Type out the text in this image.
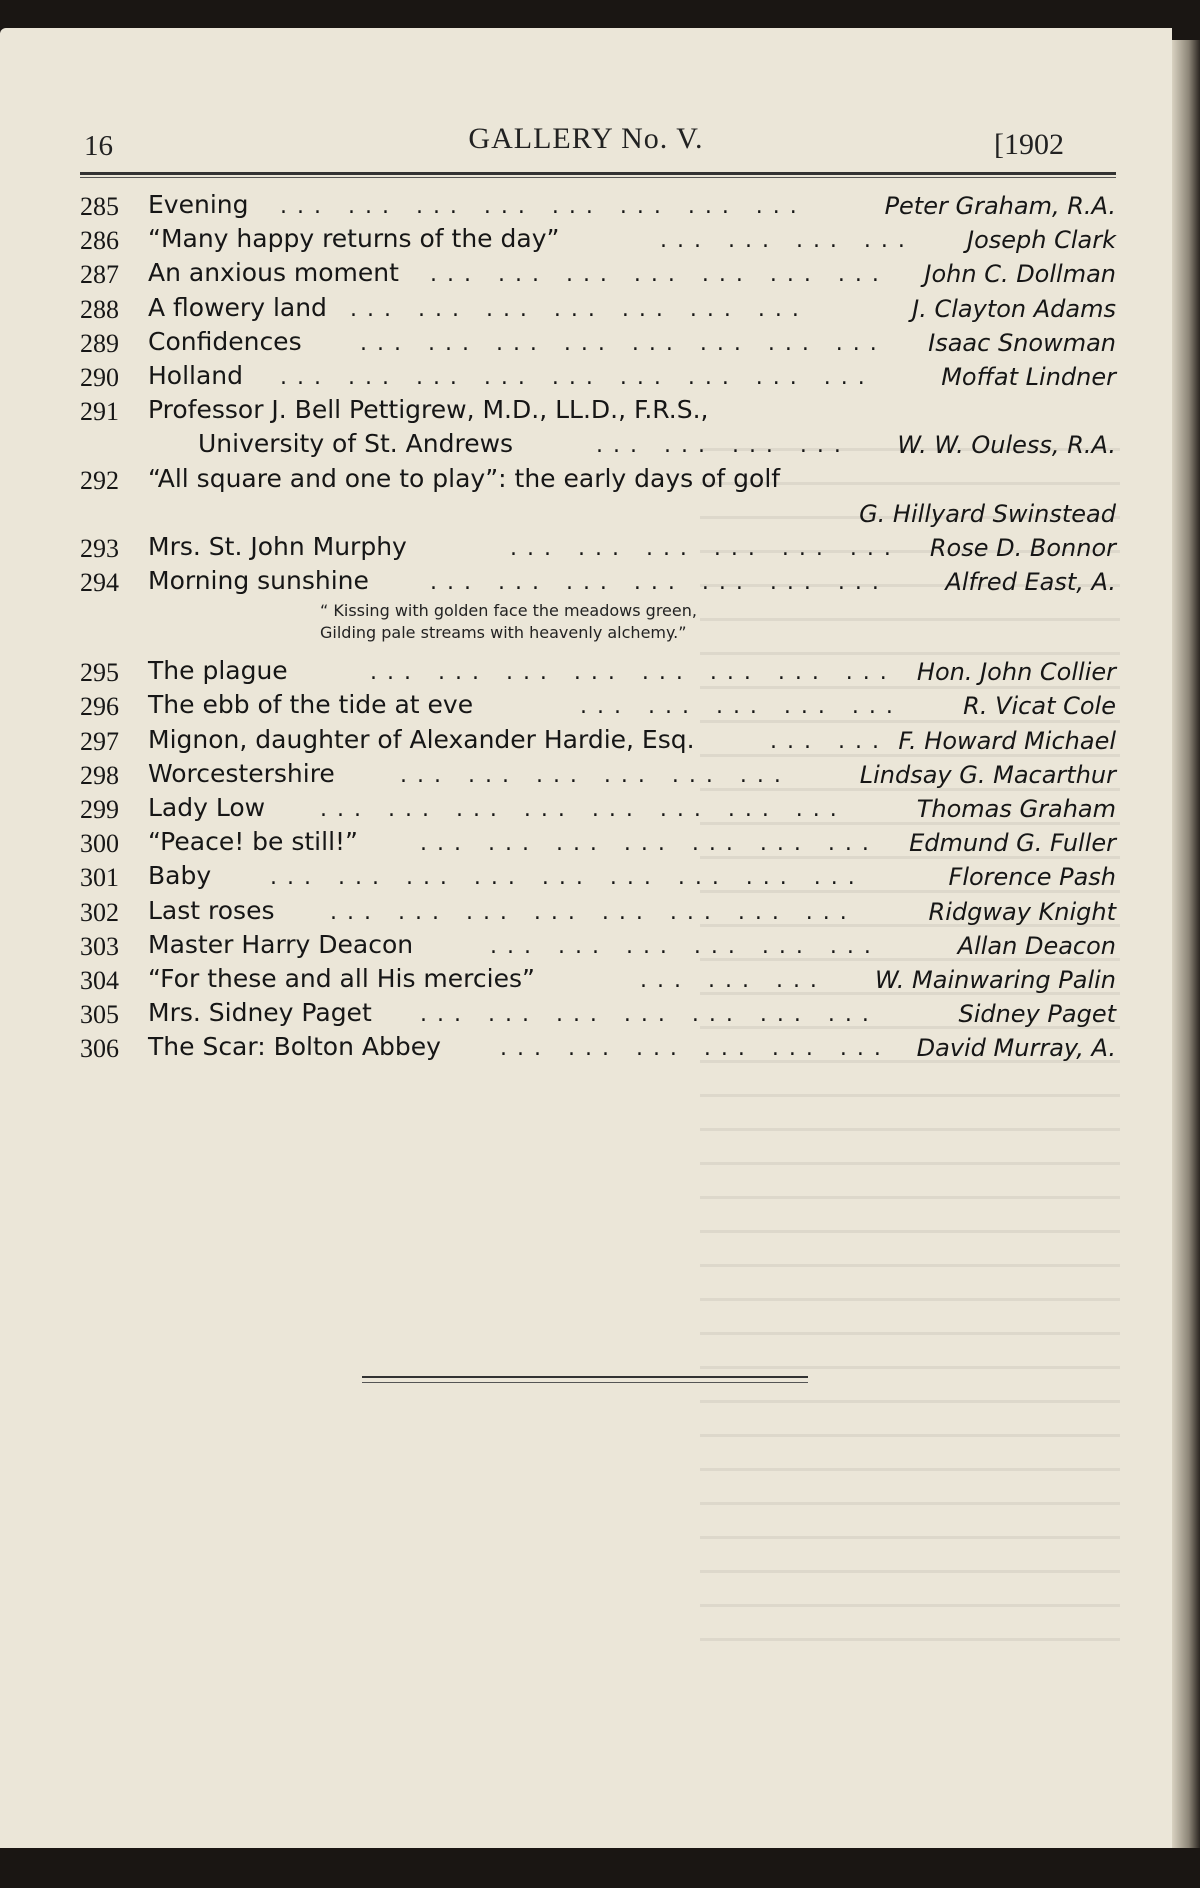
16	GALLERY No. V.	[1902
285 Evening ... ... ... ... ... ... ... ...	Peter Graham, R.A.
286 “Many happy returns of the day”	... ... ... ... Joseph Clark
287 An anxious moment ... ... ... ... ... ... ... John C. Dollman
288 A flowery land ... ... ... ... ... ... ...	J. Clayton Adams
289 Confidences	... ... ... ... ... ... ... ... Isaac Snowman
290 Holland ... ... ... ... ... ... ... ... ...	Moffat Lindner
291 Professor J. Bell Pettigrew, M.D., LL.D., F.R.S.,
University of St. Andrews	... ... ... ... W. W. Ouless, R.A.
292 “All square and one to play”: the early days of golf
G. Hillyard Swinstead
293 Mrs. St. John Murphy	... ... ... ... ... ... Rose D. Bonnor
294 Morning sunshine	... ... ... ... ... ... ... Alfred East, A.
“ Kissing with golden face the meadows green,
Gilding pale streams with heavenly alchemy.”
295 The plague	... ... ... ... ... ... ... ... Hon. John Collier
296 The ebb of the tide at eve	... ... ... ... ...	R. Vicat Cole
297 Mignon, daughter of Alexander Hardie, Esq.	... ... F. Howard Michael
298 Worcestershire	... ... ... ... ... ...	Lindsay G. Macarthur
299 Lady Low ... ... ... ... ... ... ... ...	Thomas Graham
300 “Peace! be still!”	... ... ... ... ... ... ... Edmund G. Fuller
301 Baby	... ... ... ... ... ... ... ... ...	Florence Pash
302 Last roses	... ... ... ... ... ... ... ...	Ridgway Knight
303 Master Harry Deacon	... ... ... ... ... ...	Allan Deacon
304 “For these and all His mercies”	... ... ... W. Mainwaring Palin
305 Mrs. Sidney Paget ... ... ... ... ... ... ...	Sidney Paget
306 The Scar: Bolton Abbey	... ... ... ... ... ... David Murray, A.
